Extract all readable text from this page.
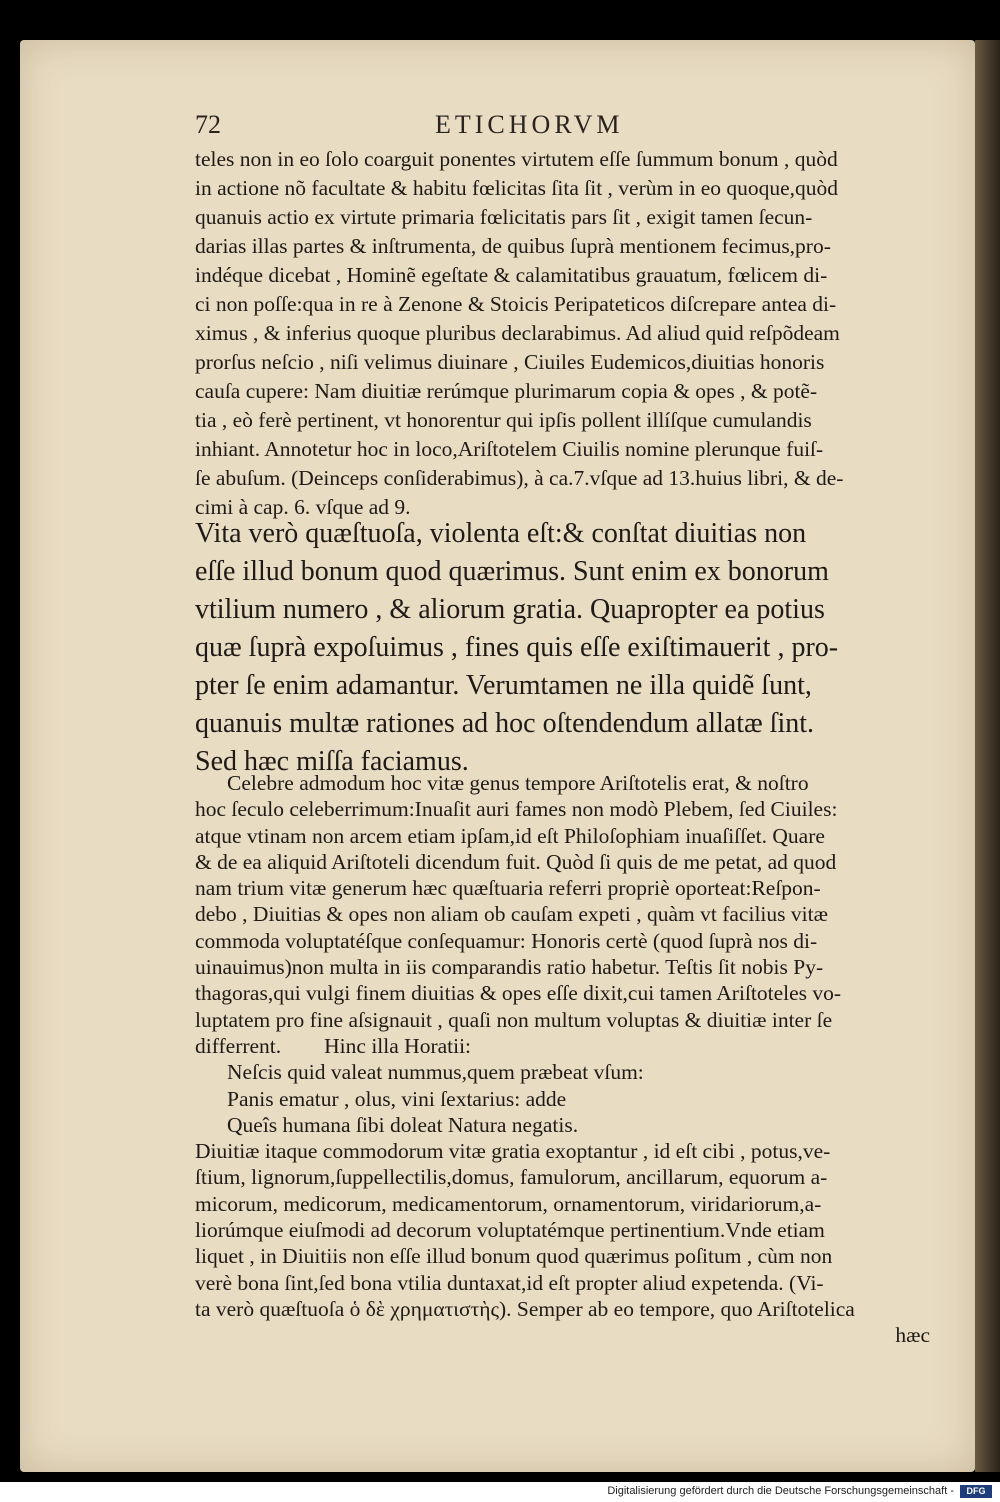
72	ETICHORVM
teles non in eo ſolo coarguit ponentes virtutem eſſe ſummum bonum , quòd
in actione nõ facultate & habitu fœlicitas ſita ſit , verùm in eo quoque,quòd
quanuis actio ex virtute primaria fœlicitatis pars ſit , exigit tamen ſecun-
darias illas partes & inſtrumenta, de quibus ſuprà mentionem fecimus,pro-
indéque dicebat , Hominẽ egeſtate & calamitatibus grauatum, fœlicem di-
ci non poſſe:qua in re à Zenone & Stoicis Peripateticos diſcrepare antea di-
ximus , & inferius quoque pluribus declarabimus. Ad aliud quid reſpõdeam
prorſus neſcio , niſi velimus diuinare , Ciuiles Eudemicos,diuitias honoris
cauſa cupere: Nam diuitiæ rerúmque plurimarum copia & opes , & potẽ-
tia , eò ferè pertinent, vt honorentur qui ipſis pollent illíſque cumulandis
inhiant. Annotetur hoc in loco,Ariſtotelem Ciuilis nomine plerunque fuiſ-
ſe abuſum. (Deinceps conſiderabimus), à ca.7.vſque ad 13.huius libri, & de-
cimi à cap. 6. vſque ad 9.
Vita verò quæſtuoſa, violenta eſt:& conſtat diuitias non
eſſe illud bonum quod quærimus. Sunt enim ex bonorum
vtilium numero , & aliorum gratia. Quapropter ea potius
quæ ſuprà expoſuimus , fines quis eſſe exiſtimauerit , pro-
pter ſe enim adamantur. Verumtamen ne illa quidẽ ſunt,
quanuis multæ rationes ad hoc oſtendendum allatæ ſint.
Sed hæc miſſa faciamus.
Celebre admodum hoc vitæ genus tempore Ariſtotelis erat, & noſtro
hoc ſeculo celeberrimum:Inuaſit auri fames non modò Plebem, ſed Ciuiles:
atque vtinam non arcem etiam ipſam,id eſt Philoſophiam inuaſiſſet. Quare
& de ea aliquid Ariſtoteli dicendum fuit. Quòd ſi quis de me petat, ad quod
nam trium vitæ generum hæc quæſtuaria referri propriè oporteat:Reſpon-
debo , Diuitias & opes non aliam ob cauſam expeti , quàm vt facilius vitæ
commoda voluptatéſque conſequamur: Honoris certè (quod ſuprà nos di-
uinauimus)non multa in iis comparandis ratio habetur. Teſtis ſit nobis Py-
thagoras,qui vulgi finem diuitias & opes eſſe dixit,cui tamen Ariſtoteles vo-
luptatem pro fine aſsignauit , quaſi non multum voluptas & diuitiæ inter ſe
differrent.        Hinc illa Horatii:
Neſcis quid valeat nummus,quem præbeat vſum:
Panis ematur , olus, vini ſextarius: adde
Queîs humana ſibi doleat Natura negatis.
Diuitiæ itaque commodorum vitæ gratia exoptantur , id eſt cibi , potus,ve-
ſtium, lignorum,ſuppellectilis,domus, famulorum, ancillarum, equorum a-
micorum, medicorum, medicamentorum, ornamentorum, viridariorum,a-
liorúmque eiuſmodi ad decorum voluptatémque pertinentium.Vnde etiam
liquet , in Diuitiis non eſſe illud bonum quod quærimus poſitum , cùm non
verè bona ſint,ſed bona vtilia duntaxat,id eſt propter aliud expetenda. (Vi-
ta verò quæſtuoſa ὁ δὲ χρηματιστὴς). Semper ab eo tempore, quo Ariſtotelica
hæc
Digitalisierung gefördert durch die Deutsche Forschungsgemeinschaft -	DFG
